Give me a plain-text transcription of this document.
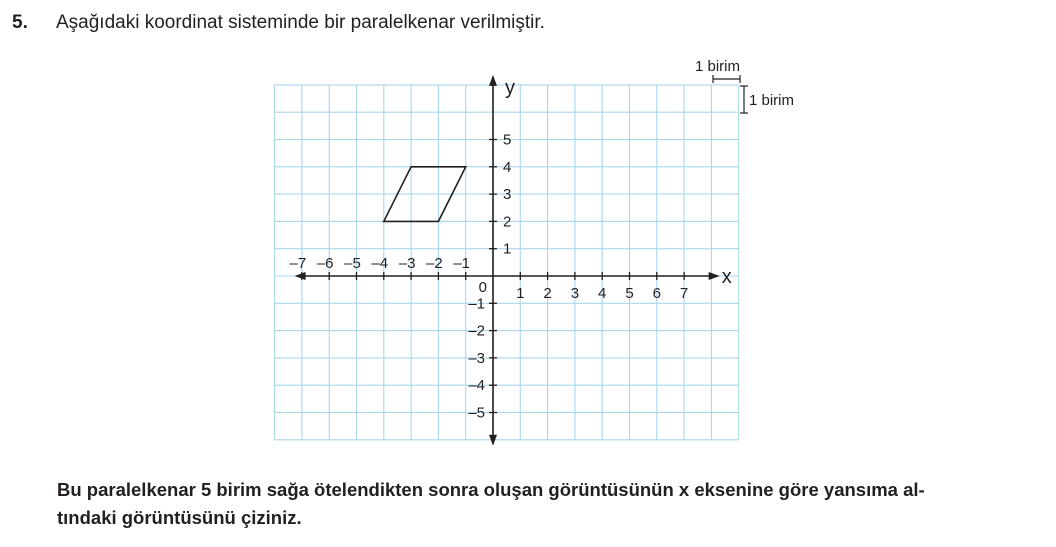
5. Aşağıdaki koordinat sisteminde bir paralelkenar verilmiştir.
–7 –6 –5 –4 –3 –2 –1
1 2 3 4 5 6 7
5
4
3
2
1
–1
–2
–3
–4
–5
0	x
y
1 birim
1 birim
Bu paralelkenar 5 birim sağa ötelendikten sonra oluşan görüntüsünün x eksenine göre yansıma al-
tındaki görüntüsünü çiziniz.
